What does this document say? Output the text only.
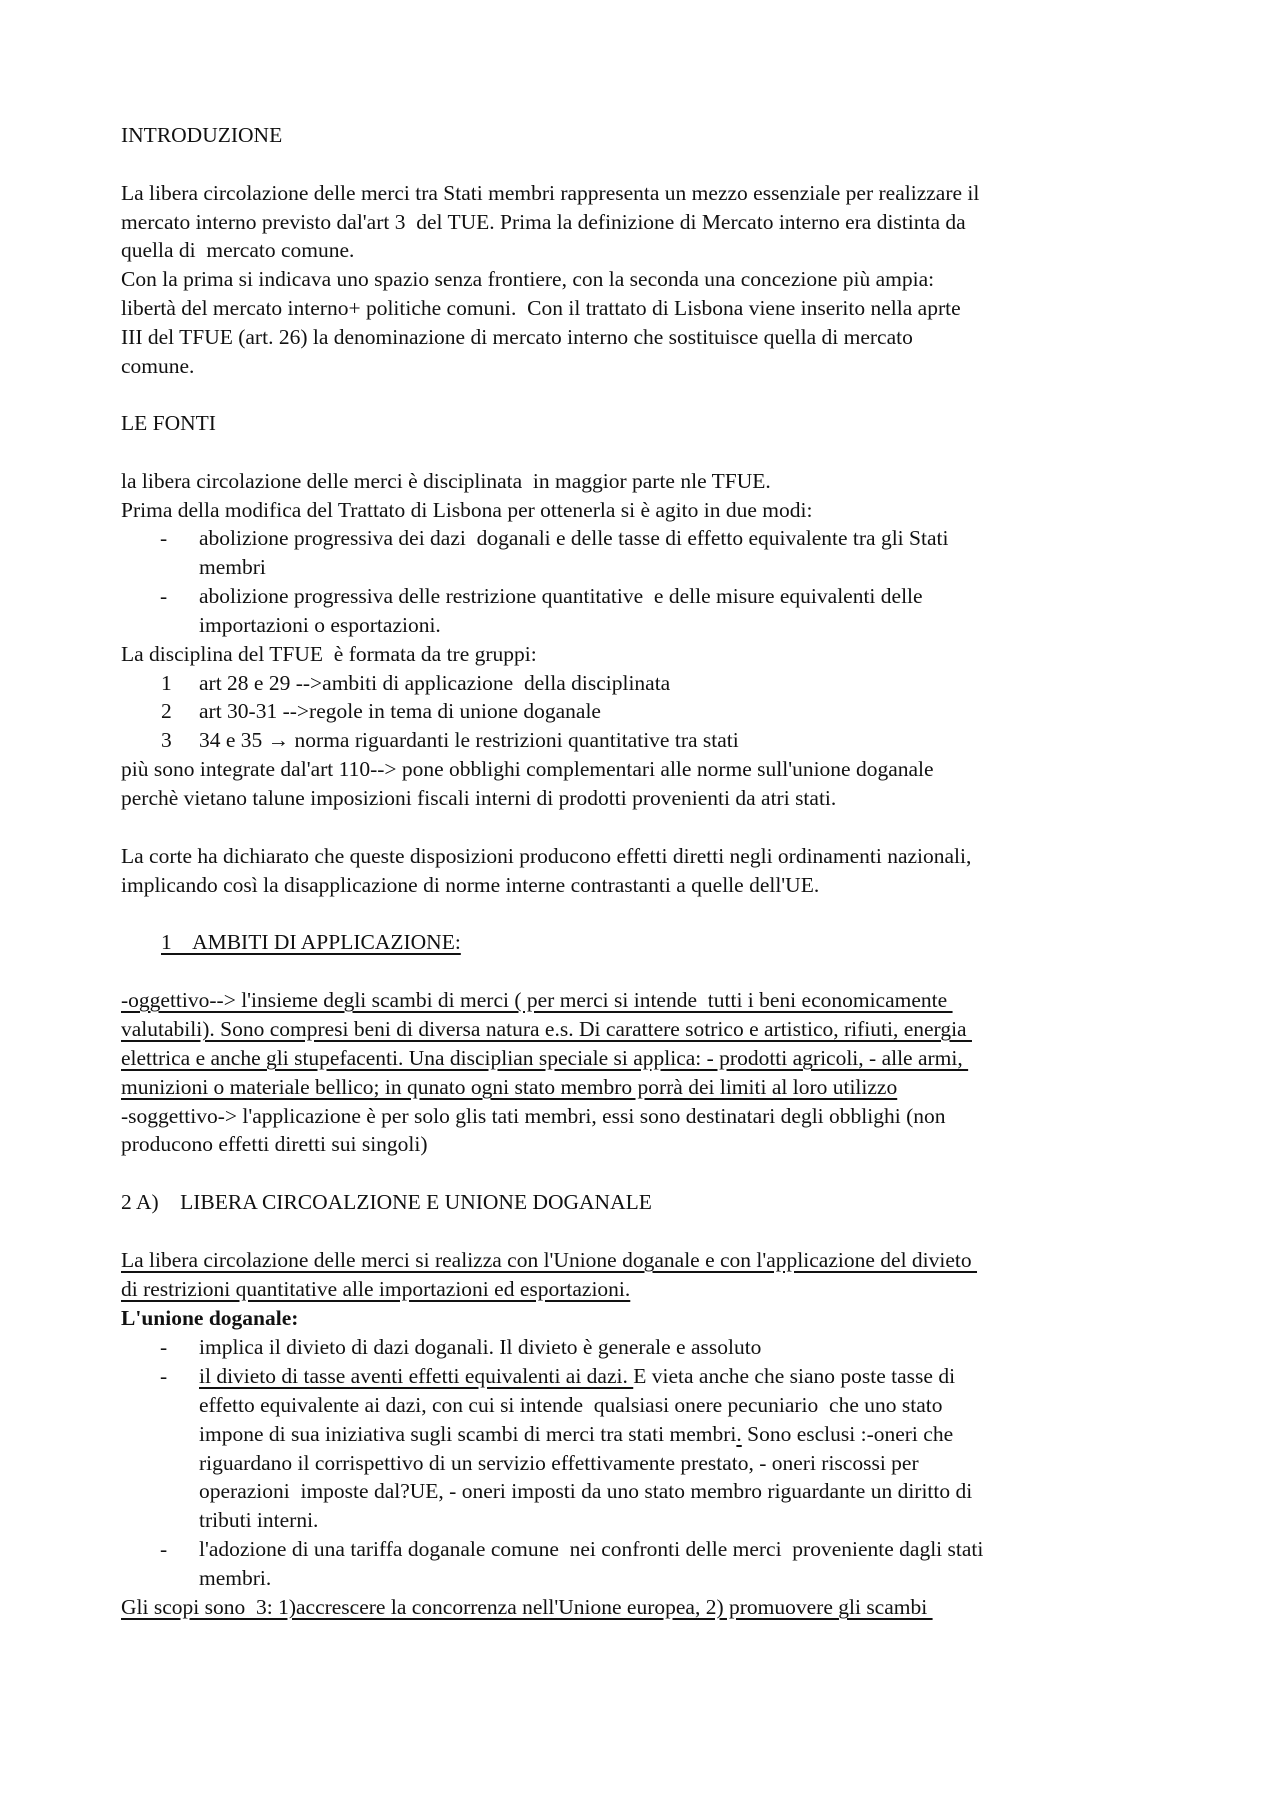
INTRODUZIONE
La libera circolazione delle merci tra Stati membri rappresenta un mezzo essenziale per realizzare il
mercato interno previsto dal'art 3  del TUE. Prima la definizione di Mercato interno era distinta da
quella di  mercato comune.
Con la prima si indicava uno spazio senza frontiere, con la seconda una concezione più ampia:
libertà del mercato interno+ politiche comuni.  Con il trattato di Lisbona viene inserito nella aprte
III del TFUE (art. 26) la denominazione di mercato interno che sostituisce quella di mercato
comune.
LE FONTI
la libera circolazione delle merci è disciplinata  in maggior parte nle TFUE.
Prima della modifica del Trattato di Lisbona per ottenerla si è agito in due modi:
- abolizione progressiva dei dazi  doganali e delle tasse di effetto equivalente tra gli Stati
membri
- abolizione progressiva delle restrizione quantitative  e delle misure equivalenti delle
importazioni o esportazioni.
La disciplina del TFUE  è formata da tre gruppi:
1 art 28 e 29 -->ambiti di applicazione  della disciplinata
2 art 30-31 -->regole in tema di unione doganale
3 34 e 35 → norma riguardanti le restrizioni quantitative tra stati
più sono integrate dal'art 110--> pone obblighi complementari alle norme sull'unione doganale
perchè vietano talune imposizioni fiscali interni di prodotti provenienti da atri stati.
La corte ha dichiarato che queste disposizioni producono effetti diretti negli ordinamenti nazionali,
implicando così la disapplicazione di norme interne contrastanti a quelle dell'UE.
1    AMBITI DI APPLICAZIONE:
-oggettivo--> l'insieme degli scambi di merci ( per merci si intende  tutti i beni economicamente
valutabili). Sono compresi beni di diversa natura e.s. Di carattere sotrico e artistico, rifiuti, energia
elettrica e anche gli stupefacenti. Una disciplian speciale si applica: - prodotti agricoli, - alle armi,
munizioni o materiale bellico; in qunato ogni stato membro porrà dei limiti al loro utilizzo
-soggettivo-> l'applicazione è per solo glis tati membri, essi sono destinatari degli obblighi (non
producono effetti diretti sui singoli)
2 A)    LIBERA CIRCOALZIONE E UNIONE DOGANALE
La libera circolazione delle merci si realizza con l'Unione doganale e con l'applicazione del divieto
di restrizioni quantitative alle importazioni ed esportazioni.
L'unione doganale:
- implica il divieto di dazi doganali. Il divieto è generale e assoluto
- il divieto di tasse aventi effetti equivalenti ai dazi. E vieta anche che siano poste tasse di
effetto equivalente ai dazi, con cui si intende  qualsiasi onere pecuniario  che uno stato
impone di sua iniziativa sugli scambi di merci tra stati membri. Sono esclusi :-oneri che
riguardano il corrispettivo di un servizio effettivamente prestato, - oneri riscossi per
operazioni  imposte dal?UE, - oneri imposti da uno stato membro riguardante un diritto di
tributi interni.
- l'adozione di una tariffa doganale comune  nei confronti delle merci  proveniente dagli stati
membri.
Gli scopi sono  3: 1)accrescere la concorrenza nell'Unione europea, 2) promuovere gli scambi
